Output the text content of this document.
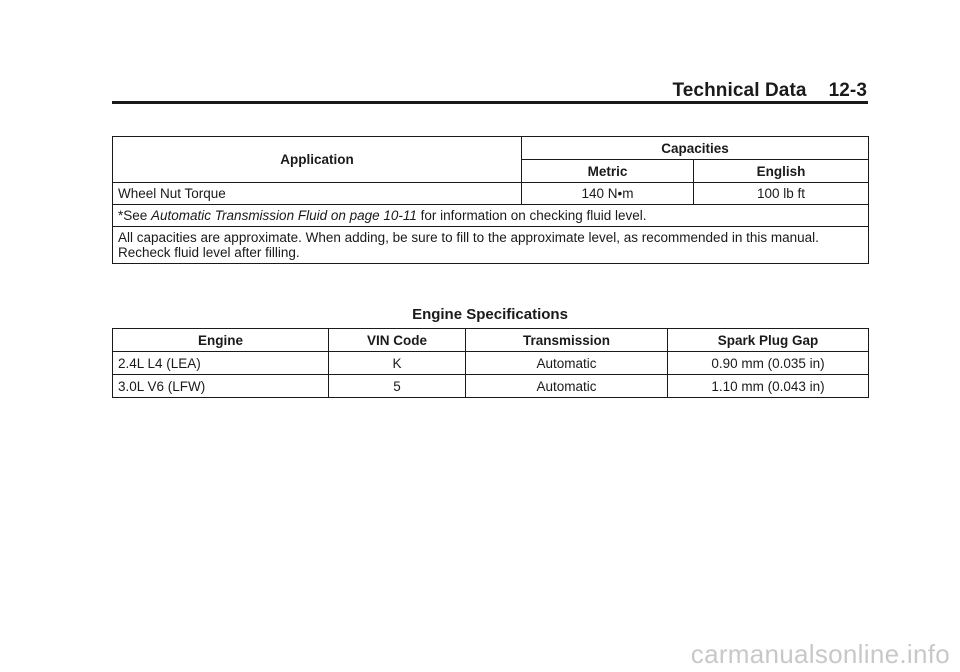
Technical Data 12-3
Application	Capacities	
	Metric	English
Wheel Nut Torque	140 N•m	100 lb ft
*See Automatic Transmission Fluid on page 10-11 for information on checking fluid level.		
All capacities are approximate. When adding, be sure to fill to the approximate level, as recommended in this manual. Recheck fluid level after filling.		
Engine Specifications
Engine	VIN Code	Transmission	Spark Plug Gap
2.4L L4 (LEA)	K	Automatic	0.90 mm (0.035 in)
3.0L V6 (LFW)	5	Automatic	1.10 mm (0.043 in)
carmanualsonline.info
